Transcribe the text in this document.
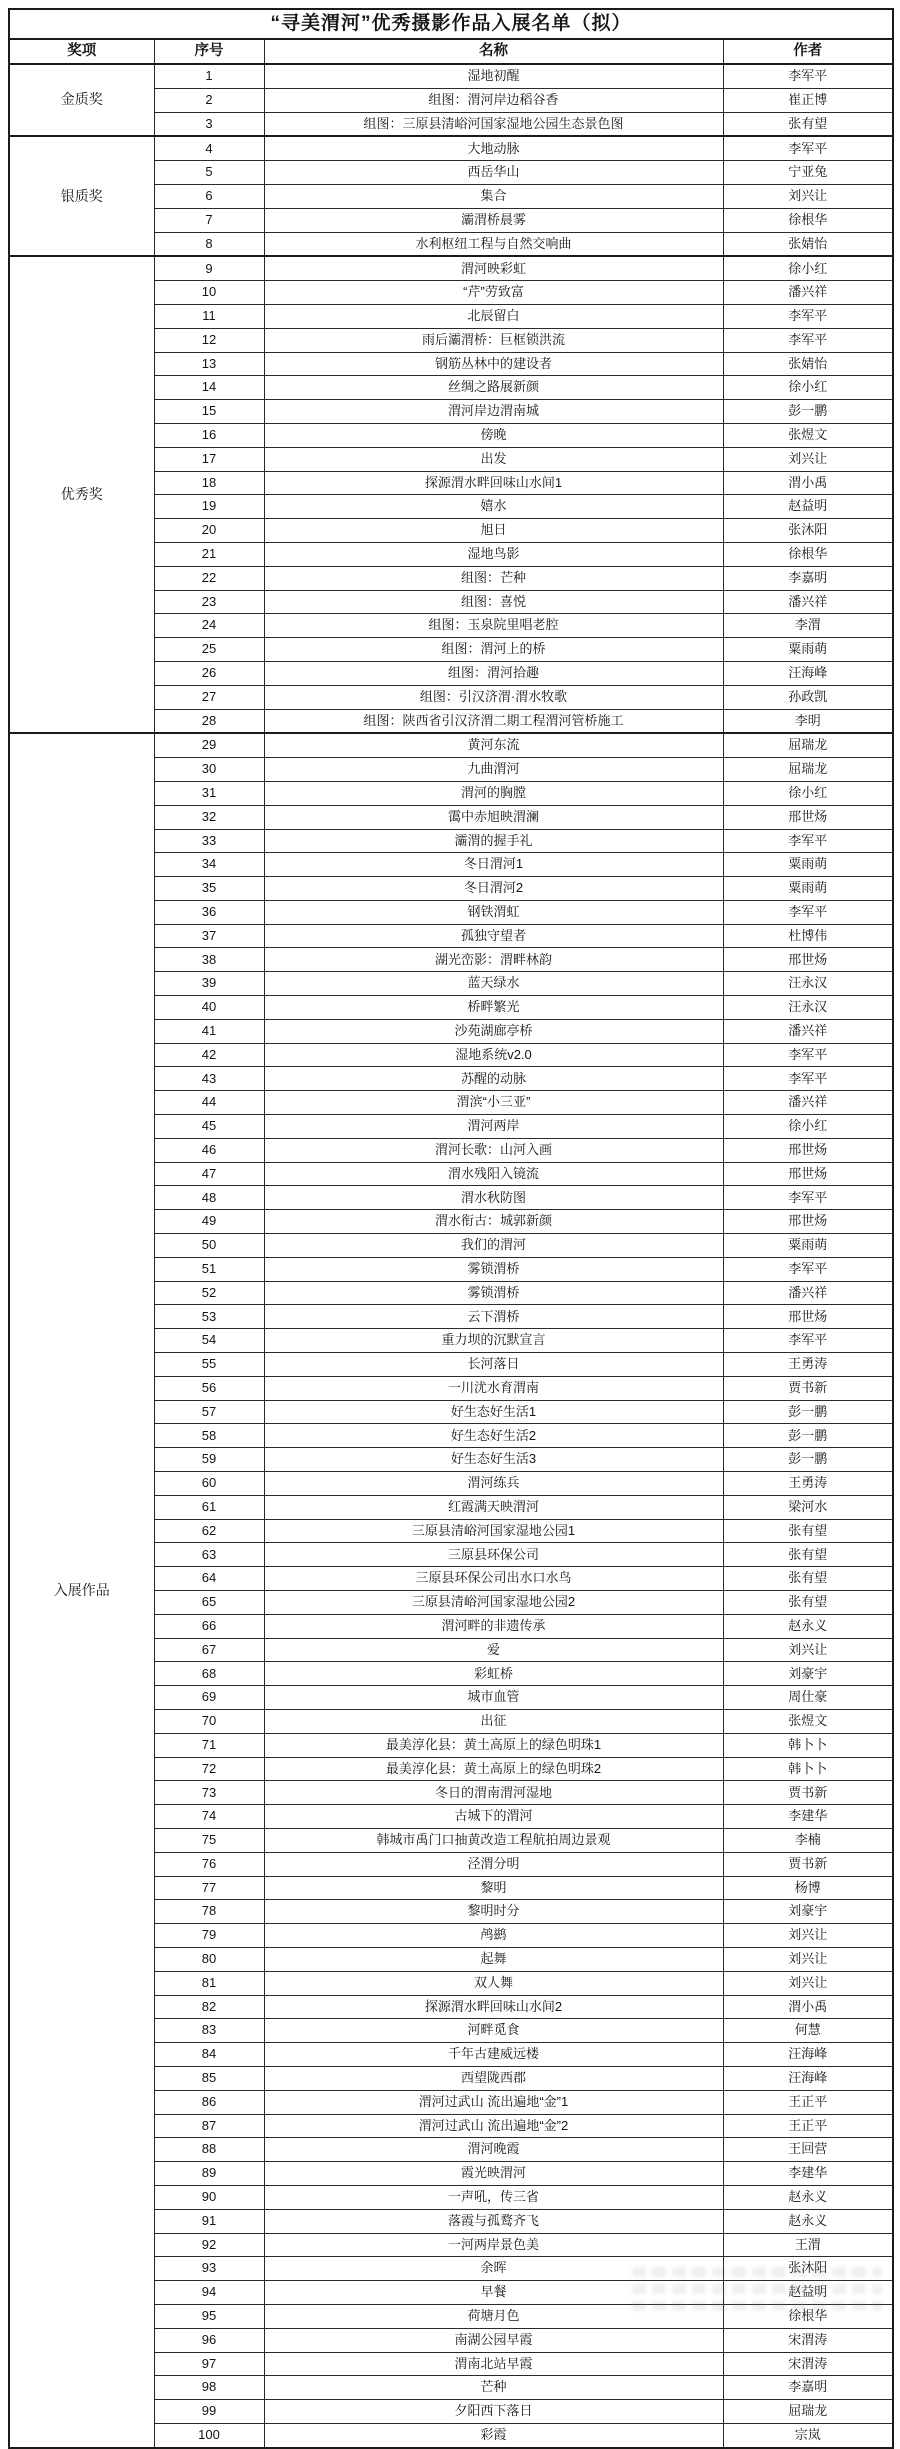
“寻美渭河”优秀摄影作品入展名单（拟）			
奖项	序号	名称	作者
金质奖	1	湿地初醒	李军平
	2	组图：渭河岸边稻谷香	崔正博
	3	组图：三原县清峪河国家湿地公园生态景色图	张有望
银质奖	4	大地动脉	李军平
	5	西岳华山	宁亚兔
	6	集合	刘兴让
	7	灞渭桥晨雾	徐根华
	8	水利枢纽工程与自然交响曲	张婧怡
优秀奖	9	渭河映彩虹	徐小红
	10	“芹”劳致富	潘兴祥
	11	北辰留白	李军平
	12	雨后灞渭桥：巨框锁洪流	李军平
	13	钢筋丛林中的建设者	张婧怡
	14	丝绸之路展新颜	徐小红
	15	渭河岸边渭南城	彭一鹏
	16	傍晚	张煜文
	17	出发	刘兴让
	18	探源渭水畔回味山水间1	渭小禹
	19	嬉水	赵益明
	20	旭日	张沐阳
	21	湿地鸟影	徐根华
	22	组图：芒种	李嘉明
	23	组图：喜悦	潘兴祥
	24	组图：玉泉院里唱老腔	李渭
	25	组图：渭河上的桥	粟雨萌
	26	组图：渭河拾趣	汪海峰
	27	组图：引汉济渭·渭水牧歌	孙政凯
	28	组图：陕西省引汉济渭二期工程渭河管桥施工	李明
入展作品	29	黄河东流	屈瑞龙
	30	九曲渭河	屈瑞龙
	31	渭河的胸膛	徐小红
	32	霭中赤旭映渭澜	邢世炀
	33	灞渭的握手礼	李军平
	34	冬日渭河1	粟雨萌
	35	冬日渭河2	粟雨萌
	36	钢铁渭虹	李军平
	37	孤独守望者	杜博伟
	38	湖光峦影：渭畔林韵	邢世炀
	39	蓝天绿水	汪永汉
	40	桥畔繁光	汪永汉
	41	沙苑湖廊亭桥	潘兴祥
	42	湿地系统v2.0	李军平
	43	苏醒的动脉	李军平
	44	渭滨“小三亚”	潘兴祥
	45	渭河两岸	徐小红
	46	渭河长歌：山河入画	邢世炀
	47	渭水残阳入镜流	邢世炀
	48	渭水秋防图	李军平
	49	渭水衔古：城郭新颜	邢世炀
	50	我们的渭河	粟雨萌
	51	雾锁渭桥	李军平
	52	雾锁渭桥	潘兴祥
	53	云下渭桥	邢世炀
	54	重力坝的沉默宣言	李军平
	55	长河落日	王勇涛
	56	一川沋水育渭南	贾书新
	57	好生态好生活1	彭一鹏
	58	好生态好生活2	彭一鹏
	59	好生态好生活3	彭一鹏
	60	渭河练兵	王勇涛
	61	红霞满天映渭河	梁河水
	62	三原县清峪河国家湿地公园1	张有望
	63	三原县环保公司	张有望
	64	三原县环保公司出水口水鸟	张有望
	65	三原县清峪河国家湿地公园2	张有望
	66	渭河畔的非遗传承	赵永义
	67	爱	刘兴让
	68	彩虹桥	刘豪宇
	69	城市血管	周仕豪
	70	出征	张煜文
	71	最美淳化县：黄土高原上的绿色明珠1	韩卜卜
	72	最美淳化县：黄土高原上的绿色明珠2	韩卜卜
	73	冬日的渭南渭河湿地	贾书新
	74	古城下的渭河	李建华
	75	韩城市禹门口抽黄改造工程航拍周边景观	李楠
	76	泾渭分明	贾书新
	77	黎明	杨博
	78	黎明时分	刘豪宇
	79	鸬鹚	刘兴让
	80	起舞	刘兴让
	81	双人舞	刘兴让
	82	探源渭水畔回味山水间2	渭小禹
	83	河畔觅食	何慧
	84	千年古建威远楼	汪海峰
	85	西望陇西郡	汪海峰
	86	渭河过武山 流出遍地“金”1	王正平
	87	渭河过武山 流出遍地“金”2	王正平
	88	渭河晚霞	王回营
	89	霞光映渭河	李建华
	90	一声吼，传三省	赵永义
	91	落霞与孤鹜齐飞	赵永义
	92	一河两岸景色美	王渭
	93	余晖	张沐阳
	94	早餐	赵益明
	95	荷塘月色	徐根华
	96	南湖公园早霞	宋渭涛
	97	渭南北站早霞	宋渭涛
	98	芒种	李嘉明
	99	夕阳西下落日	屈瑞龙
	100	彩霞	宗岚
